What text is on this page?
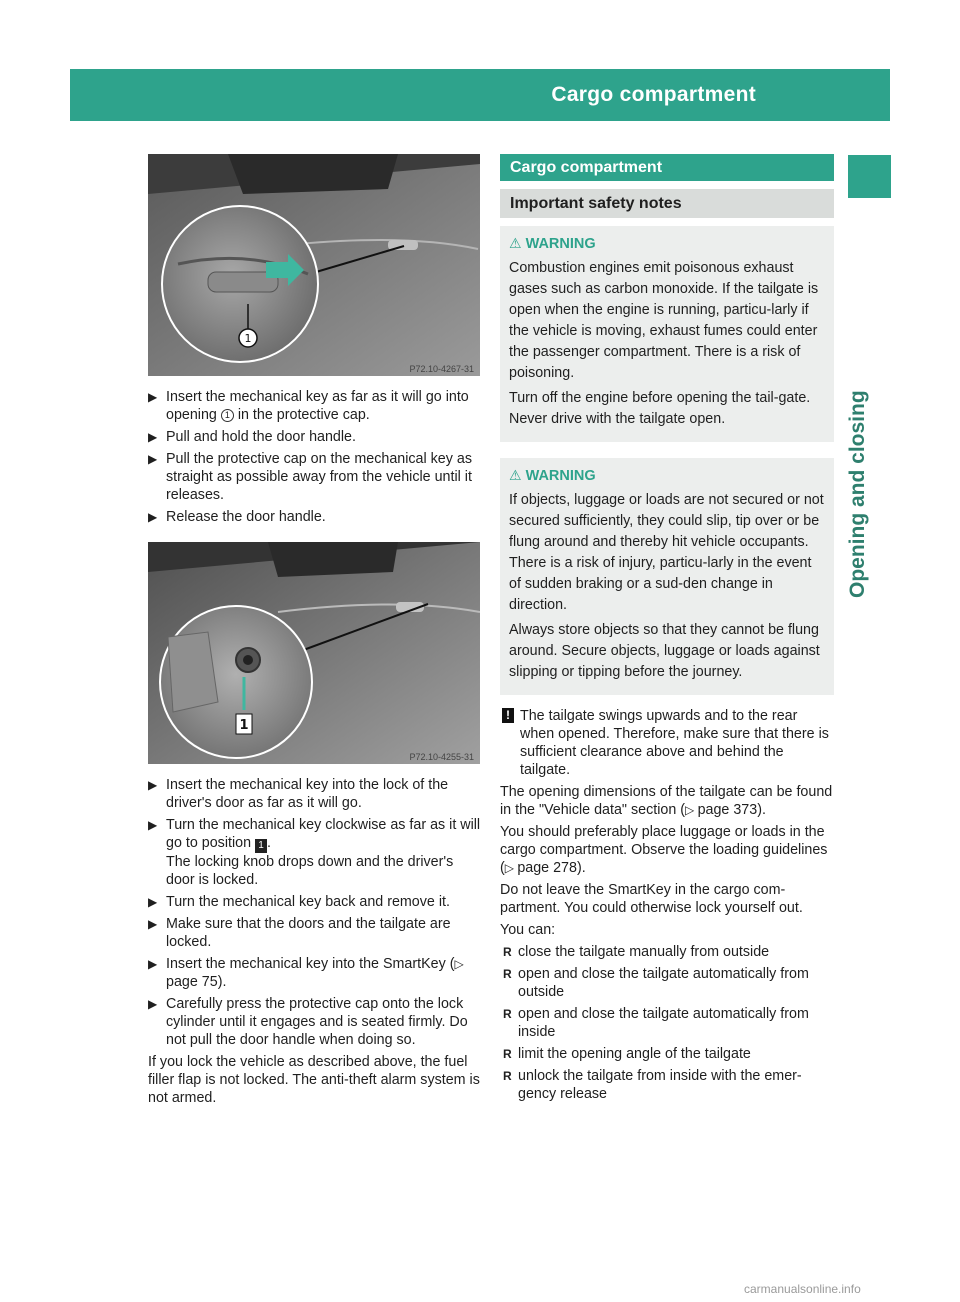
Cargo compartment	81
Opening and closing
1
P72.10-4267-31
▶ Insert the mechanical key as far as it will go into opening 1 in the protective cap.
▶ Pull and hold the door handle.
▶ Pull the protective cap on the mechanical key as straight as possible away from the vehicle until it releases.
▶ Release the door handle.
1
P72.10-4255-31
▶ Insert the mechanical key into the lock of the driver's door as far as it will go.
▶ Turn the mechanical key clockwise as far as it will go to position 1 .
The locking knob drops down and the driver's door is locked.
▶ Turn the mechanical key back and remove it.
▶ Make sure that the doors and the tailgate are locked.
▶ Insert the mechanical key into the SmartKey (▷ page 75).
▶ Carefully press the protective cap onto the lock cylinder until it engages and is seated firmly. Do not pull the door handle when doing so.

If you lock the vehicle as described above, the fuel filler flap is not locked. The anti-theft alarm system is not armed.

Cargo compartment
Important safety notes
⚠ WARNING

Combustion engines emit poisonous exhaust gases such as carbon monoxide. If the tailgate is open when the engine is running, particu-larly if the vehicle is moving, exhaust fumes could enter the passenger compartment. There is a risk of poisoning.

Turn off the engine before opening the tail-gate. Never drive with the tailgate open.

⚠ WARNING

If objects, luggage or loads are not secured or not secured sufficiently, they could slip, tip over or be flung around and thereby hit vehicle occupants. There is a risk of injury, particu-larly in the event of sudden braking or a sud-den change in direction.

Always store objects so that they cannot be flung around. Secure objects, luggage or loads against slipping or tipping before the journey.

! The tailgate swings upwards and to the rear when opened. Therefore, make sure that there is sufficient clearance above and behind the tailgate.

The opening dimensions of the tailgate can be found in the "Vehicle data" section (▷ page 373).

You should preferably place luggage or loads in the cargo compartment. Observe the loading guidelines (▷ page 278).

Do not leave the SmartKey in the cargo com-partment. You could otherwise lock yourself out.

You can:

R close the tailgate manually from outside
R open and close the tailgate automatically from outside
R open and close the tailgate automatically from inside
R limit the opening angle of the tailgate
R unlock the tailgate from inside with the emer-gency release
carmanualsonline.info
